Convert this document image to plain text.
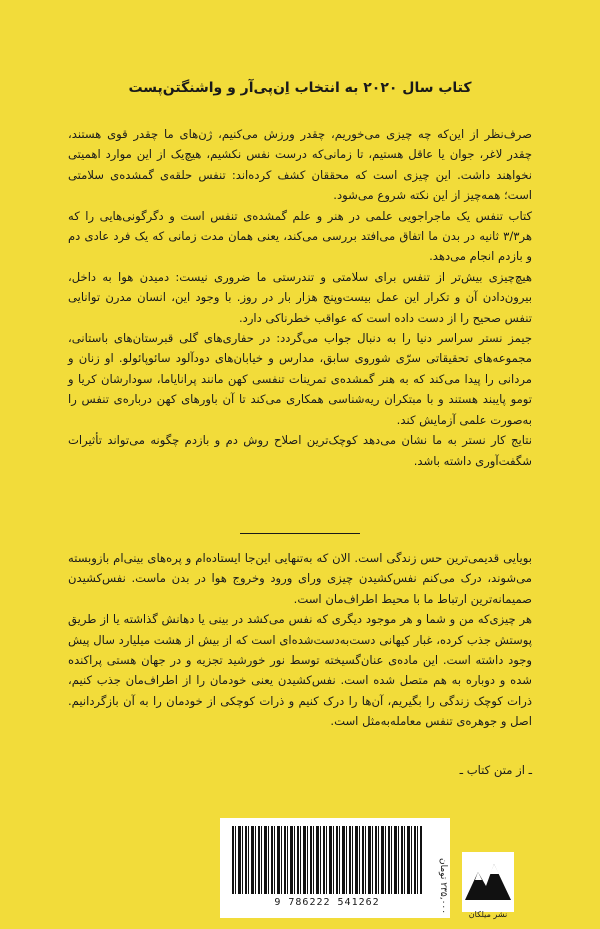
کتاب سال ۲۰۲۰ به انتخاب اِن‌پی‌آر و واشنگتن‌پست

صرف‌نظر از این‌که چه چیزی می‌خوریم، چقدر ورزش می‌کنیم، ژن‌های ما چقدر قوی هستند، چقدر لاغر، جوان یا عاقل هستیم، تا زمانی‌که درست نفس نکشیم، هیچ‌یک از این موارد اهمیتی نخواهند داشت. این چیزی است که محققان کشف کرده‌اند: تنفس حلقه‌ی گمشده‌ی سلامتی است؛ همه‌چیز از این نکته شروع می‌شود.

کتاب تنفس یک ماجراجویی علمی در هنر و علم گمشده‌ی تنفس است و دگرگونی‌هایی را که هر۳/۳ ثانیه در بدن ما اتفاق می‌افتد بررسی می‌کند، یعنی همان مدت زمانی که یک فرد عادی دم و بازدم انجام می‌دهد.

هیچ‌چیزی بیش‌تر از تنفس برای سلامتی و تندرستی ما ضروری نیست: دمیدن هوا به داخل، بیرون‌دادن آن و تکرار این عمل بیست‌وپنج هزار بار در روز. با وجود این، انسان مدرن توانایی تنفس صحیح را از دست داده است که عواقب خطرناکی دارد.

جیمز نستر سراسر دنیا را به دنبال جواب می‌گردد: در حفاری‌های گلی قبرستان‌های باستانی، مجموعه‌های تحقیقاتی سرّی شوروی سابق، مدارس و خیابان‌های دودآلود سائوپائولو. او زنان و مردانی را پیدا می‌کند که به هنر گمشده‌ی تمرینات تنفسی کهن مانند پرانایاما، سودارشان کریا و تومو پایبند هستند و با مبتکران ریه‌شناسی همکاری می‌کند تا آن باورهای کهن درباره‌ی تنفس را به‌صورت علمی آزمایش کند.

نتایج کار نستر به ما نشان می‌دهد کوچک‌ترین اصلاح روش دم و بازدم چگونه می‌تواند تأثیرات شگفت‌آوری داشته باشد.

بویایی قدیمی‌ترین حس زندگی است. الان که به‌تنهایی این‌جا ایستاده‌ام و پره‌های بینی‌ام بازوبسته می‌شوند، درک می‌کنم نفس‌کشیدن چیزی ورای ورود وخروج هوا در بدن ماست. نفس‌کشیدن صمیمانه‌ترین ارتباط ما با محیط اطراف‌مان است.

هر چیزی‌که من و شما و هر موجود دیگری که نفس می‌کشد در بینی یا دهانش گذاشته یا از طریق پوستش جذب کرده، غبار کیهانی دست‌به‌دست‌شده‌ای است که از بیش از هشت میلیارد سال پیش وجود داشته است. این ماده‌ی عنان‌گسیخته توسط نور خورشید تجزیه و در جهان هستی پراکنده شده و دوباره به هم متصل شده است. نفس‌کشیدن یعنی خودمان را از اطراف‌مان جذب کنیم، ذرات کوچک زندگی را بگیریم، آن‌ها را درک کنیم و ذرات کوچکی از خودمان را به آن بازگردانیم. اصل و جوهره‌ی تنفس معامله‌به‌مثل است.

ـ از متن کتاب ـ
9 786222 541262
۰۰۰‚۲۳۵ تومان
نشر میلکان
